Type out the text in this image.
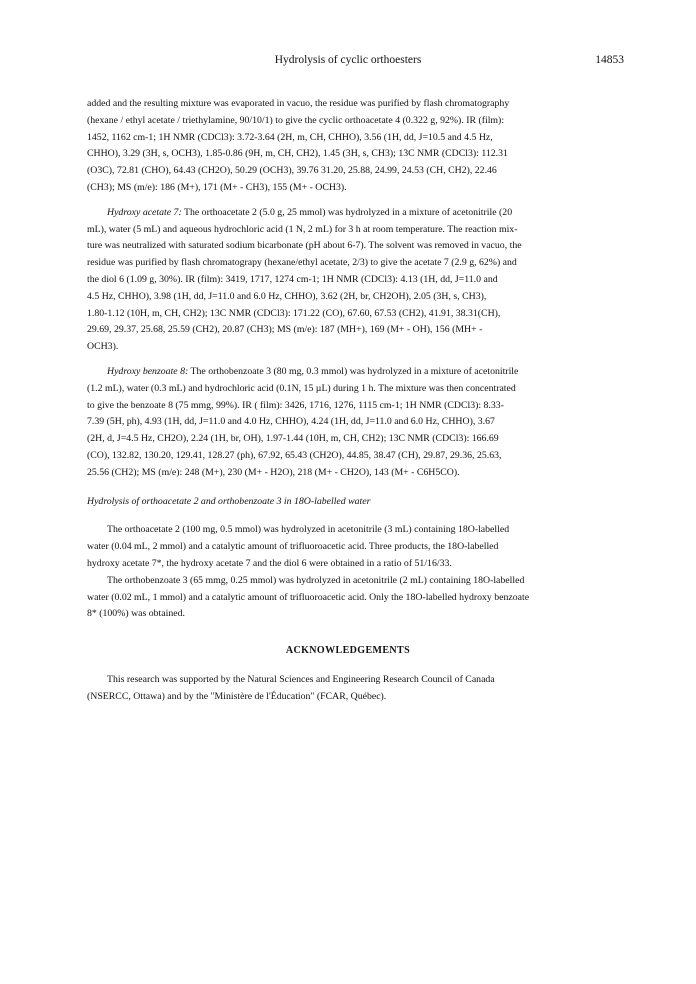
Hydrolysis of cyclic orthoesters	14853

added and the resulting mixture was evaporated in vacuo, the residue was purified by flash chromatography
(hexane / ethyl acetate / triethylamine, 90/10/1) to give the cyclic orthoacetate 4 (0.322 g, 92%). IR (film):
1452, 1162 cm-1; 1H NMR (CDCl3): 3.72-3.64 (2H, m, CH, CHHO), 3.56 (1H, dd, J=10.5 and 4.5 Hz,
CHHO), 3.29 (3H, s, OCH3), 1.85-0.86 (9H, m, CH, CH2), 1.45 (3H, s, CH3); 13C NMR (CDCl3): 112.31
(O3C), 72.81 (CHO), 64.43 (CH2O), 50.29 (OCH3), 39.76 31.20, 25.88, 24.99, 24.53 (CH, CH2), 22.46
(CH3); MS (m/e): 186 (M+), 171 (M+ - CH3), 155 (M+ - OCH3).

Hydroxy acetate 7: The orthoacetate 2 (5.0 g, 25 mmol) was hydrolyzed in a mixture of acetonitrile (20
mL), water (5 mL) and aqueous hydrochloric acid (1 N, 2 mL) for 3 h at room temperature. The reaction mix-
ture was neutralized with saturated sodium bicarbonate (pH about 6-7). The solvent was removed in vacuo, the
residue was purified by flash chromatograpy (hexane/ethyl acetate, 2/3) to give the acetate 7 (2.9 g, 62%) and
the diol 6 (1.09 g, 30%). IR (film): 3419, 1717, 1274 cm-1; 1H NMR (CDCl3): 4.13 (1H, dd, J=11.0 and
4.5 Hz, CHHO), 3.98 (1H, dd, J=11.0 and 6.0 Hz, CHHO), 3.62 (2H, br, CH2OH), 2.05 (3H, s, CH3),
1.80-1.12 (10H, m, CH, CH2); 13C NMR (CDCl3): 171.22 (CO), 67.60, 67.53 (CH2), 41.91, 38.31(CH),
29.69, 29.37, 25.68, 25.59 (CH2), 20.87 (CH3); MS (m/e): 187 (MH+), 169 (M+ - OH), 156 (MH+ -
OCH3).

Hydroxy benzoate 8: The orthobenzoate 3 (80 mg, 0.3 mmol) was hydrolyzed in a mixture of acetonitrile
(1.2 mL), water (0.3 mL) and hydrochloric acid (0.1N, 15 µL) during 1 h. The mixture was then concentrated
to give the benzoate 8 (75 mmg, 99%). IR ( film): 3426, 1716, 1276, 1115 cm-1; 1H NMR (CDCl3): 8.33-
7.39 (5H, ph), 4.93 (1H, dd, J=11.0 and 4.0 Hz, CHHO), 4.24 (1H, dd, J=11.0 and 6.0 Hz, CHHO), 3.67
(2H, d, J=4.5 Hz, CH2O), 2.24 (1H, br, OH), 1.97-1.44 (10H, m, CH, CH2); 13C NMR (CDCl3): 166.69
(CO), 132.82, 130.20, 129.41, 128.27 (ph), 67.92, 65.43 (CH2O), 44.85, 38.47 (CH), 29.87, 29.36, 25.63,
25.56 (CH2); MS (m/e): 248 (M+), 230 (M+ - H2O), 218 (M+ - CH2O), 143 (M+ - C6H5CO).

Hydrolysis of orthoacetate 2 and orthobenzoate 3 in 18O-labelled water

The orthoacetate 2 (100 mg, 0.5 mmol) was hydrolyzed in acetonitrile (3 mL) containing 18O-labelled
water (0.04 mL, 2 mmol) and a catalytic amount of trifluoroacetic acid. Three products, the 18O-labelled
hydroxy acetate 7*, the hydroxy acetate 7 and the diol 6 were obtained in a ratio of 51/16/33.

The orthobenzoate 3 (65 mmg, 0.25 mmol) was hydrolyzed in acetonitrile (2 mL) containing 18O-labelled
water (0.02 mL, 1 mmol) and a catalytic amount of trifluoroacetic acid. Only the 18O-labelled hydroxy benzoate
8* (100%) was obtained.

ACKNOWLEDGEMENTS

This research was supported by the Natural Sciences and Engineering Research Council of Canada
(NSERCC, Ottawa) and by the "Ministère de l'Éducation" (FCAR, Québec).
